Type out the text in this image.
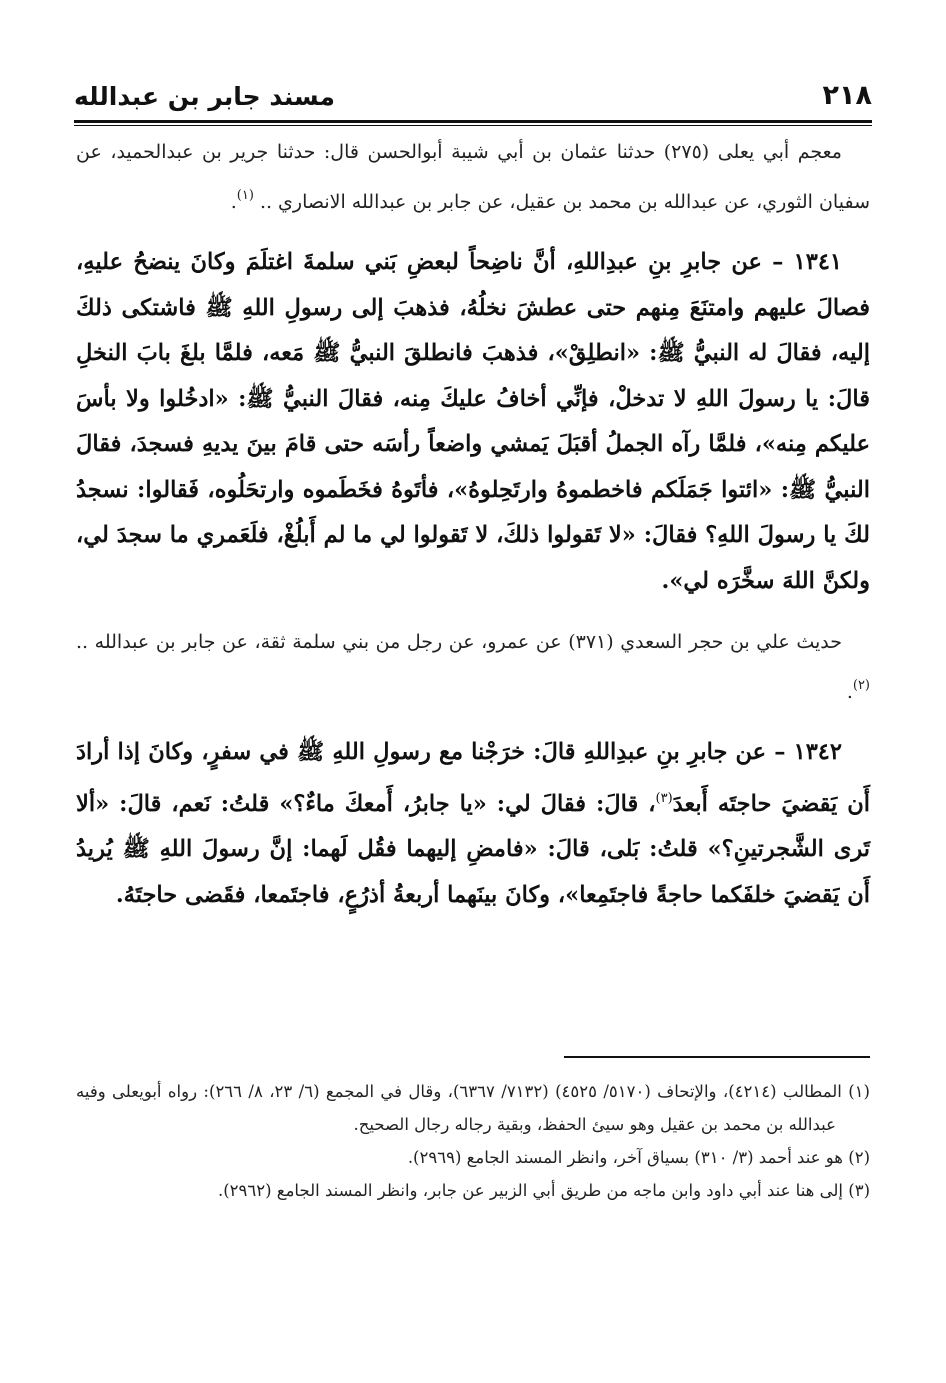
مسند جابر بن عبدالله	٢١٨

معجم أبي يعلى (٢٧٥) حدثنا عثمان بن أبي شيبة أبوالحسن قال: حدثنا جرير بن عبدالحميد، عن سفيان الثوري، عن عبدالله بن محمد بن عقيل، عن جابر بن عبدالله الانصاري .. $^{(١)}$.

١٣٤١ – عن جابرِ بنِ عبدِاللهِ، أنَّ ناضِحاً لبعضِ بَني سلمةَ اغتلَمَ وكانَ ينضحُ عليهِ، فصالَ عليهم وامتنَعَ مِنهم حتى عطشَ نخلُهُ، فذهبَ إلى رسولِ اللهِ ﷺ فاشتكى ذلكَ إليه، فقالَ له النبيُّ ﷺ: «انطلِقْ»، فذهبَ فانطلقَ النبيُّ ﷺ مَعه، فلمَّا بلغَ بابَ النخلِ قالَ: يا رسولَ اللهِ لا تدخلْ، فإنِّي أخافُ عليكَ مِنه، فقالَ النبيُّ ﷺ: «ادخُلوا ولا بأسَ عليكم مِنه»، فلمَّا رآه الجملُ أقبَلَ يَمشي واضعاً رأسَه حتى قامَ بينَ يديهِ فسجدَ، فقالَ النبيُّ ﷺ: «ائتوا جَمَلَكم فاخطموهُ وارتَحِلوهُ»، فأتَوهُ فخَطَموه وارتحَلُوه، فَقالوا: نسجدُ لكَ يا رسولَ اللهِ؟ فقالَ: «لا تَقولوا ذلكَ، لا تَقولوا لي ما لم أَبلُغْ، فلَعَمري ما سجدَ لي، ولكنَّ اللهَ سخَّرَه لي».

حديث علي بن حجر السعدي (٣٧١) عن عمرو، عن رجل من بني سلمة ثقة، عن جابر بن عبدالله .. $^{(٢)}$.

١٣٤٢ – عن جابرِ بنِ عبدِاللهِ قالَ: خرَجْنا مع رسولِ اللهِ ﷺ في سفرٍ، وكانَ إذا أرادَ أَن يَقضيَ حاجتَه أَبعدَ$^{(٣)}$، قالَ: فقالَ لي: «يا جابرُ، أَمعكَ ماءٌ؟» قلتُ: نَعم، قالَ: «ألا تَرى الشَّجرتينِ؟» قلتُ: بَلى، قالَ: «فامضِ إليهما فقُل لَهما: إنَّ رسولَ اللهِ ﷺ يُريدُ أَن يَقضيَ خلفَكما حاجةً فاجتَمِعا»، وكانَ بينَهما أربعةُ أذرُعٍ، فاجتَمعا، فقَضى حاجتَهُ.

(١) المطالب (٤٢١٤)، والإتحاف (٥١٧٠/ ٤٥٢٥) (٧١٣٢/ ٦٣٦٧)، وقال في المجمع (٦/ ٢٣، ٨/ ٢٦٦): رواه أبويعلى وفيه عبدالله بن محمد بن عقيل وهو سيئ الحفظ، وبقية رجاله رجال الصحيح.

(٢) هو عند أحمد (٣/ ٣١٠) بسياق آخر، وانظر المسند الجامع (٢٩٦٩).

(٣) إلى هنا عند أبي داود وابن ماجه من طريق أبي الزبير عن جابر، وانظر المسند الجامع (٢٩٦٢).
